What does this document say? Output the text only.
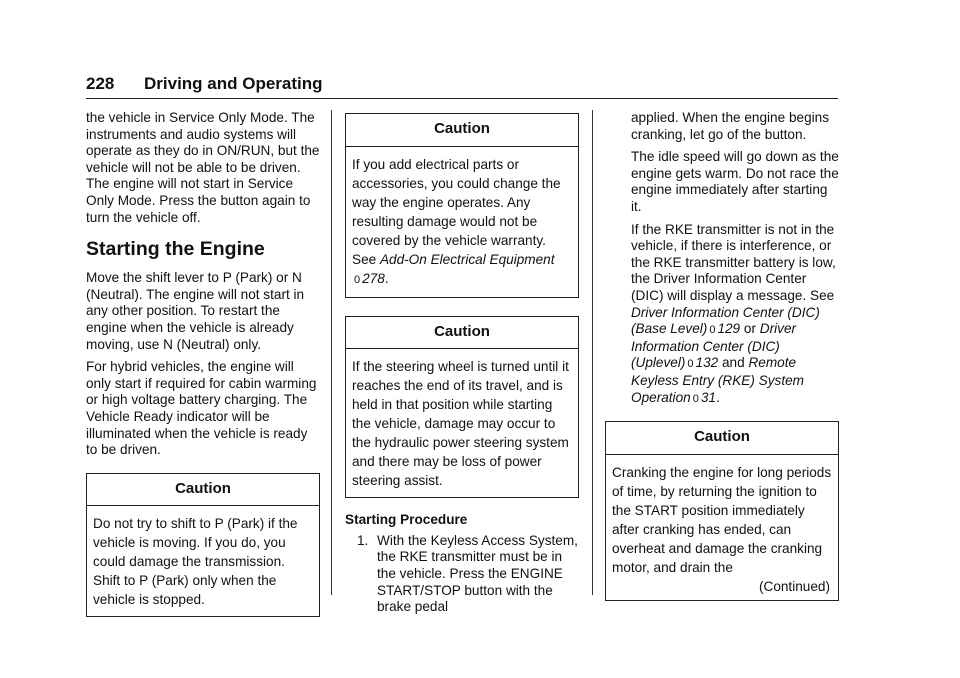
228 Driving and Operating

the vehicle in Service Only Mode. The instruments and audio systems will operate as they do in ON/RUN, but the vehicle will not be able to be driven. The engine will not start in Service Only Mode. Press the button again to turn the vehicle off.

Starting the Engine

Move the shift lever to P (Park) or N (Neutral). The engine will not start in any other position. To restart the engine when the vehicle is already moving, use N (Neutral) only.

For hybrid vehicles, the engine will only start if required for cabin warming or high voltage battery charging. The Vehicle Ready indicator will be illuminated when the vehicle is ready to be driven.

Caution
Do not try to shift to P (Park) if the vehicle is moving. If you do, you could damage the transmission. Shift to P (Park) only when the vehicle is stopped.
Caution
If you add electrical parts or accessories, you could change the way the engine operates. Any resulting damage would not be covered by the vehicle warranty. See Add-On Electrical Equipment
0 278.
Caution
If the steering wheel is turned until it reaches the end of its travel, and is held in that position while starting the vehicle, damage may occur to the hydraulic power steering system and there may be loss of power steering assist.
Starting Procedure
1. With the Keyless Access System, the RKE transmitter must be in the vehicle. Press the ENGINE START/STOP button with the brake pedal

applied. When the engine begins cranking, let go of the button.

The idle speed will go down as the engine gets warm. Do not race the engine immediately after starting it.

If the RKE transmitter is not in the vehicle, if there is interference, or the RKE transmitter battery is low, the Driver Information Center (DIC) will display a message. See Driver Information Center (DIC) (Base Level) 0 129 or Driver Information Center (DIC) (Uplevel) 0 132 and Remote Keyless Entry (RKE) System Operation 0 31.

Caution
Cranking the engine for long periods of time, by returning the ignition to the START position immediately after cranking has ended, can overheat and damage the cranking motor, and drain the
(Continued)
